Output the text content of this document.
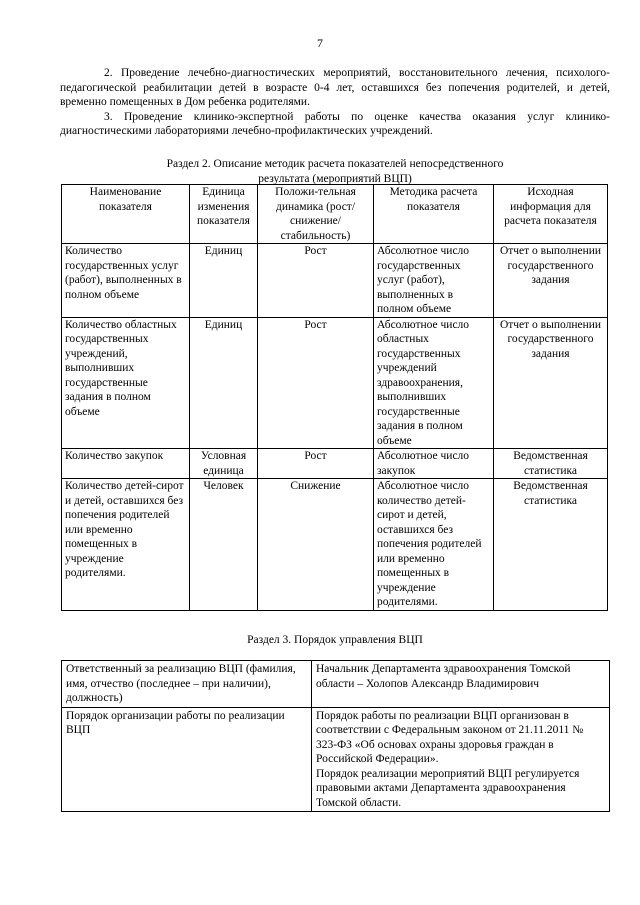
7

2. Проведение лечебно-диагностических мероприятий, восстановительного лечения, психолого-педагогической реабилитации детей в возрасте 0-4 лет, оставшихся без попечения родителей, и детей, временно помещенных в Дом ребенка родителями.

3. Проведение клинико-экспертной работы по оценке качества оказания услуг клинико-диагностическими лабораториями лечебно-профилактических учреждений.

Раздел 2. Описание методик расчета показателей непосредственного
результата (мероприятий ВЦП)
Наименование показателя	Единица изменения показателя	Положи-тельная динамика (рост/снижение/стабильность)	Методика расчета показателя	Исходная информация для расчета показателя
Количество государственных услуг (работ), выполненных в полном объеме	Единиц	Рост	Абсолютное число государственных услуг (работ), выполненных в полном объеме	Отчет о выполнении государственного задания
Количество областных государственных учреждений, выполнивших государственные задания в полном объеме	Единиц	Рост	Абсолютное число областных государственных учреждений здравоохранения, выполнивших государственные задания в полном объеме	Отчет о выполнении государственного задания
Количество закупок	Условная единица	Рост	Абсолютное число закупок	Ведомственная статистика
Количество детей-сирот и детей, оставшихся без попечения родителей или временно помещенных в учреждение родителями.	Человек	Снижение	Абсолютное число количество детей-сирот и детей, оставшихся без попечения родителей или временно помещенных в учреждение родителями.	Ведомственная статистика
Раздел 3. Порядок управления ВЦП
Ответственный за реализацию ВЦП (фамилия, имя, отчество (последнее – при наличии), должность)	Начальник Департамента здравоохранения Томской области – Холопов Александр Владимирович
Порядок организации работы по реализации ВЦП	Порядок работы по реализации ВЦП организован в соответствии с Федеральным законом от 21.11.2011 № 323-ФЗ «Об основах охраны здоровья граждан в Российской Федерации».
Порядок реализации мероприятий ВЦП регулируется правовыми актами Департамента здравоохранения Томской области.
